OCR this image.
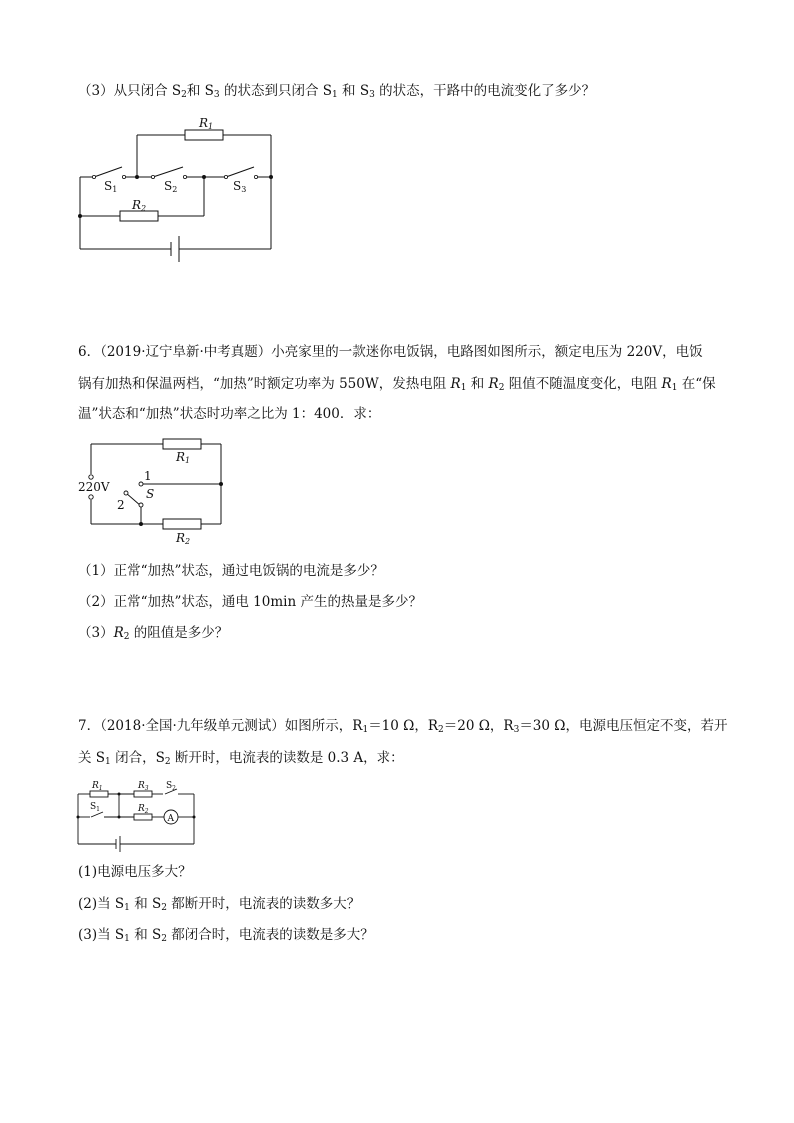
（3）从只闭合 $S_2$和 $S_3$ 的状态到只闭合 $S_1$ 和 $S_3$ 的状态，干路中的电流变化了多少？
R1
R2
S1	S2	S3
6．（2019·辽宁阜新·中考真题）小亮家里的一款迷你电饭锅，电路图如图所示，额定电压为 220V，电饭
锅有加热和保温两档，“加热”时额定功率为 550W，发热电阻 $R_1$ 和 $R_2$ 阻值不随温度变化，电阻 $R_1$ 在“保
温”状态和“加热”状态时功率之比为 1：400．求：
R1
R2
220V
1
2
S
（1）正常“加热”状态，通过电饭锅的电流是多少？
（2）正常“加热”状态，通电 10min 产生的热量是多少？
$(3)R_2$ 的阻值是多少？
7．（2018·全国·九年级单元测试）如图所示，$R_1=10$ Ω，$R_2=20$ Ω，$R_3=30$ Ω，电源电压恒定不变，若开
关 $S_1$ 闭合，$S_2$ 断开时，电流表的读数是 0.3 A，求：
$R_1$	$R_3$ $S_2$
$S_1$	$R_2$
A
(1)电源电压多大？
(2)当 $S_1$ 和 $S_2$ 都断开时，电流表的读数多大？
(3)当 $S_1$ 和 $S_2$ 都闭合时，电流表的读数是多大？
